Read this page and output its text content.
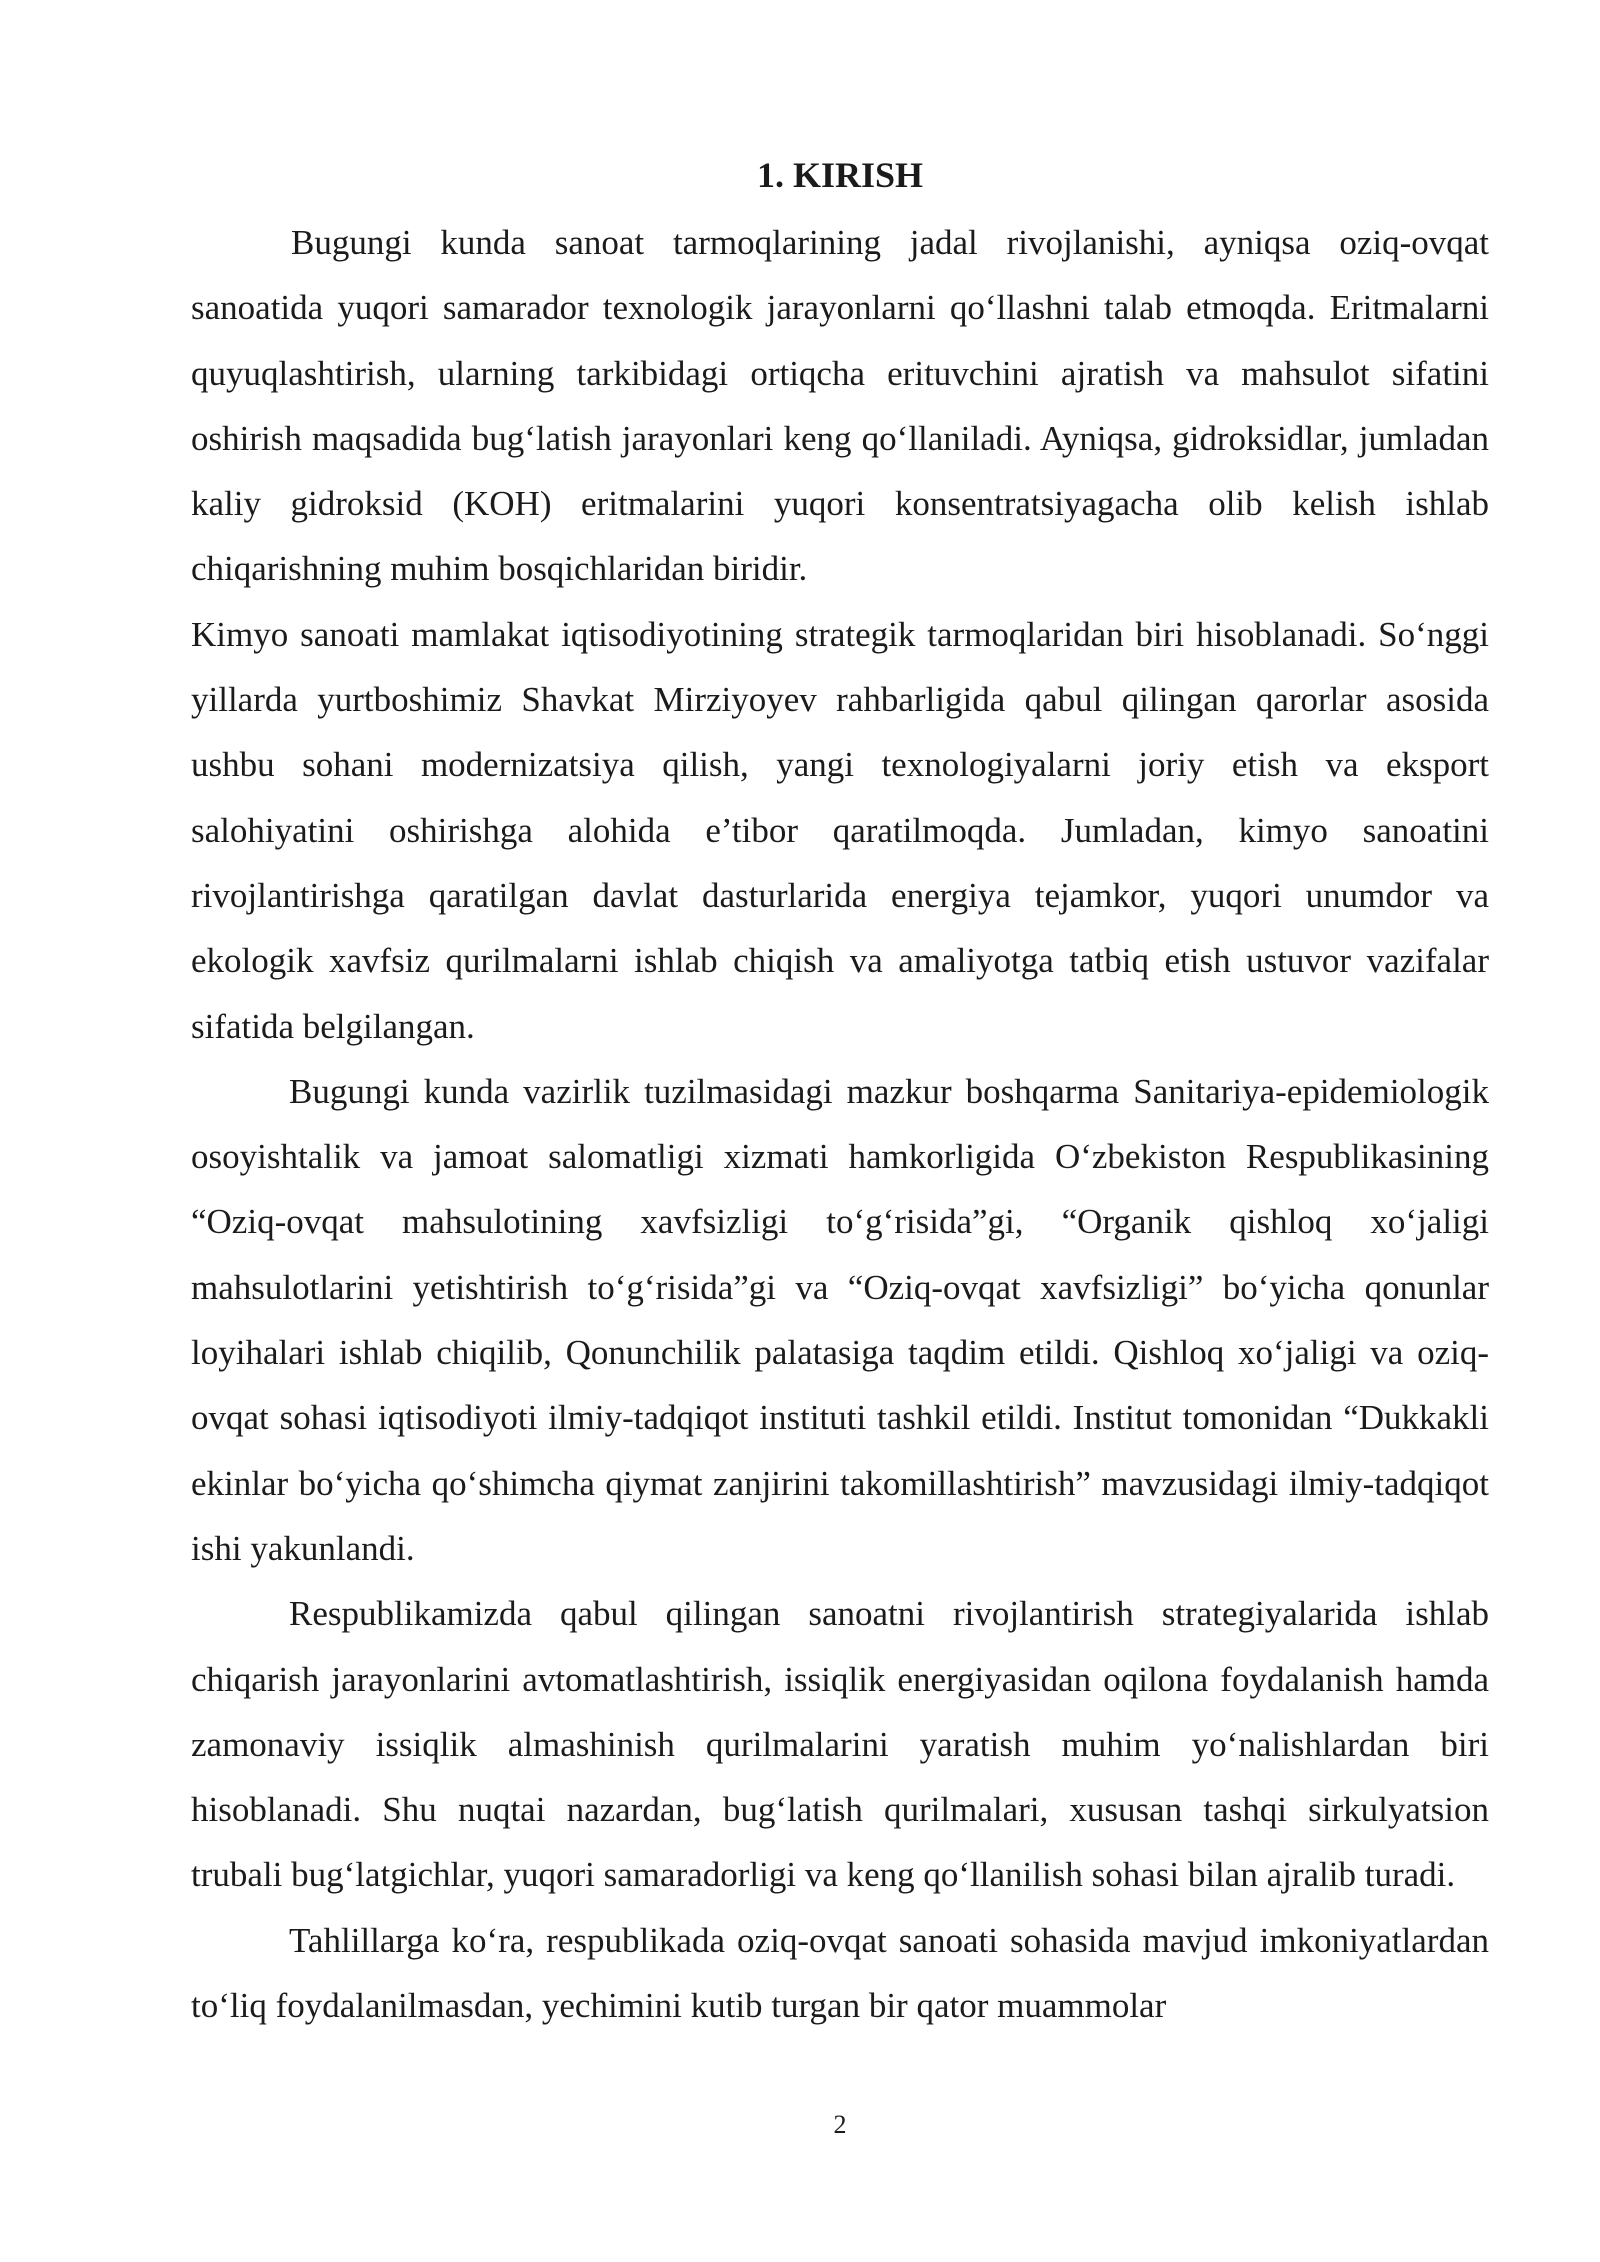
1. KIRISH

Bugungi kunda sanoat tarmoqlarining jadal rivojlanishi, ayniqsa oziq-ovqat sanoatida yuqori samarador texnologik jarayonlarni qo‘llashni talab etmoqda. Eritmalarni quyuqlashtirish, ularning tarkibidagi ortiqcha erituvchini ajratish va mahsulot sifatini oshirish maqsadida bug‘latish jarayonlari keng qo‘llaniladi. Ayniqsa, gidroksidlar, jumladan kaliy gidroksid (KOH) eritmalarini yuqori konsentratsiyagacha olib kelish ishlab chiqarishning muhim bosqichlaridan biridir.

Kimyo sanoati mamlakat iqtisodiyotining strategik tarmoqlaridan biri hisoblanadi. So‘nggi yillarda yurtboshimiz Shavkat Mirziyoyev rahbarligida qabul qilingan qarorlar asosida ushbu sohani modernizatsiya qilish, yangi texnologiyalarni joriy etish va eksport salohiyatini oshirishga alohida e’tibor qaratilmoqda. Jumladan, kimyo sanoatini rivojlantirishga qaratilgan davlat dasturlarida energiya tejamkor, yuqori unumdor va ekologik xavfsiz qurilmalarni ishlab chiqish va amaliyotga tatbiq etish ustuvor vazifalar sifatida belgilangan.

Bugungi kunda vazirlik tuzilmasidagi mazkur boshqarma Sanitariya-epidemiologik osoyishtalik va jamoat salomatligi xizmati hamkorligida O‘zbekiston Respublikasining “Oziq-ovqat mahsulotining xavfsizligi to‘g‘risida”gi, “Organik qishloq xo‘jaligi mahsulotlarini yetishtirish to‘g‘risida”gi va “Oziq-ovqat xavfsizligi” bo‘yicha qonunlar loyihalari ishlab chiqilib, Qonunchilik palatasiga taqdim etildi. Qishloq xo‘jaligi va oziq-ovqat sohasi iqtisodiyoti ilmiy-tadqiqot instituti tashkil etildi. Institut tomonidan “Dukkakli ekinlar bo‘yicha qo‘shimcha qiymat zanjirini takomillashtirish” mavzusidagi ilmiy-tadqiqot ishi yakunlandi.

Respublikamizda qabul qilingan sanoatni rivojlantirish strategiyalarida ishlab chiqarish jarayonlarini avtomatlashtirish, issiqlik energiyasidan oqilona foydalanish hamda zamonaviy issiqlik almashinish qurilmalarini yaratish muhim yo‘nalishlardan biri hisoblanadi. Shu nuqtai nazardan, bug‘latish qurilmalari, xususan tashqi sirkulyatsion trubali bug‘latgichlar, yuqori samaradorligi va keng qo‘llanilish sohasi bilan ajralib turadi.

Tahlillarga ko‘ra, respublikada oziq-ovqat sanoati sohasida mavjud imkoniyatlardan to‘liq foydalanilmasdan, yechimini kutib turgan bir qator muammolar

2
